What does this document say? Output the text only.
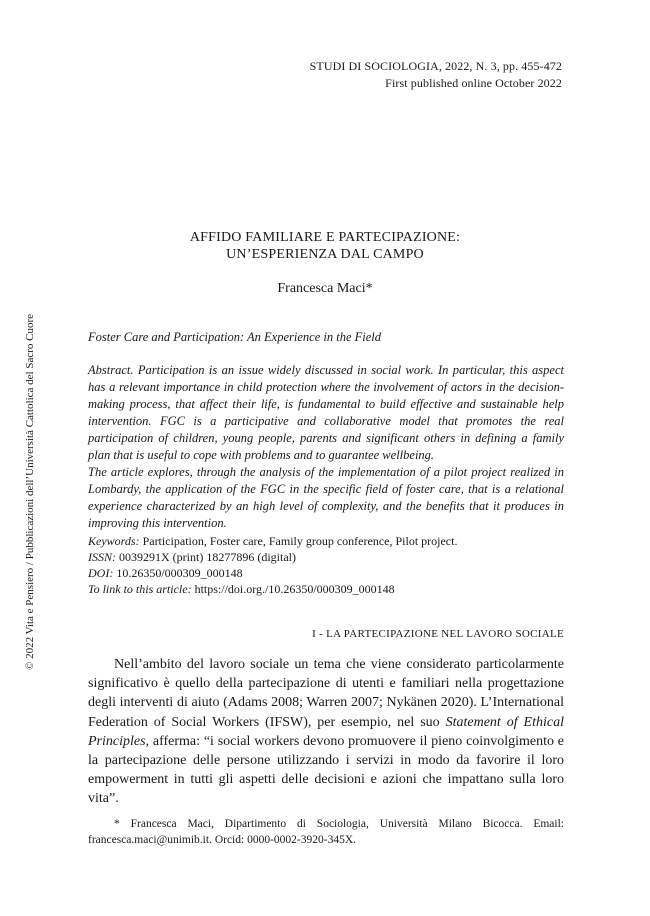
STUDI DI SOCIOLOGIA, 2022, N. 3, pp. 455-472
First published online October 2022
AFFIDO FAMILIARE E PARTECIPAZIONE:
UN’ESPERIENZA DAL CAMPO
Francesca Maci*
Foster Care and Participation: An Experience in the Field

Abstract. Participation is an issue widely discussed in social work. In particular, this aspect has a relevant importance in child protection where the involvement of actors in the decision-making process, that affect their life, is fundamental to build effective and sustainable help intervention. FGC is a participative and collaborative model that promotes the real participation of children, young people, parents and significant others in defining a family plan that is useful to cope with problems and to guarantee wellbeing.

The article explores, through the analysis of the implementation of a pilot project realized in Lombardy, the application of the FGC in the specific field of foster care, that is a relational experience characterized by an high level of complexity, and the benefits that it produces in improving this intervention.

Keywords: Participation, Foster care, Family group conference, Pilot project.
ISSN: 0039291X (print) 18277896 (digital)
DOI: 10.26350/000309_000148
To link to this article: https://doi.org./10.26350/000309_000148
I - LA PARTECIPAZIONE NEL LAVORO SOCIALE

Nell’ambito del lavoro sociale un tema che viene considerato particolarmente significativo è quello della partecipazione di utenti e familiari nella progettazione degli interventi di aiuto (Adams 2008; Warren 2007; Nykänen 2020). L’International Federation of Social Workers (IFSW), per esempio, nel suo Statement of Ethical Principles, afferma: “i social workers devono promuovere il pieno coinvolgimento e la partecipazione delle persone utilizzando i servizi in modo da favorire il loro empowerment in tutti gli aspetti delle decisioni e azioni che impattano sulla loro vita”.

* Francesca Maci, Dipartimento di Sociologia, Università Milano Bicocca. Email: francesca.maci@unimib.it. Orcid: 0000-0002-3920-345X.

© 2022 Vita e Pensiero / Pubblicazioni dell’Università Cattolica del Sacro Cuore
